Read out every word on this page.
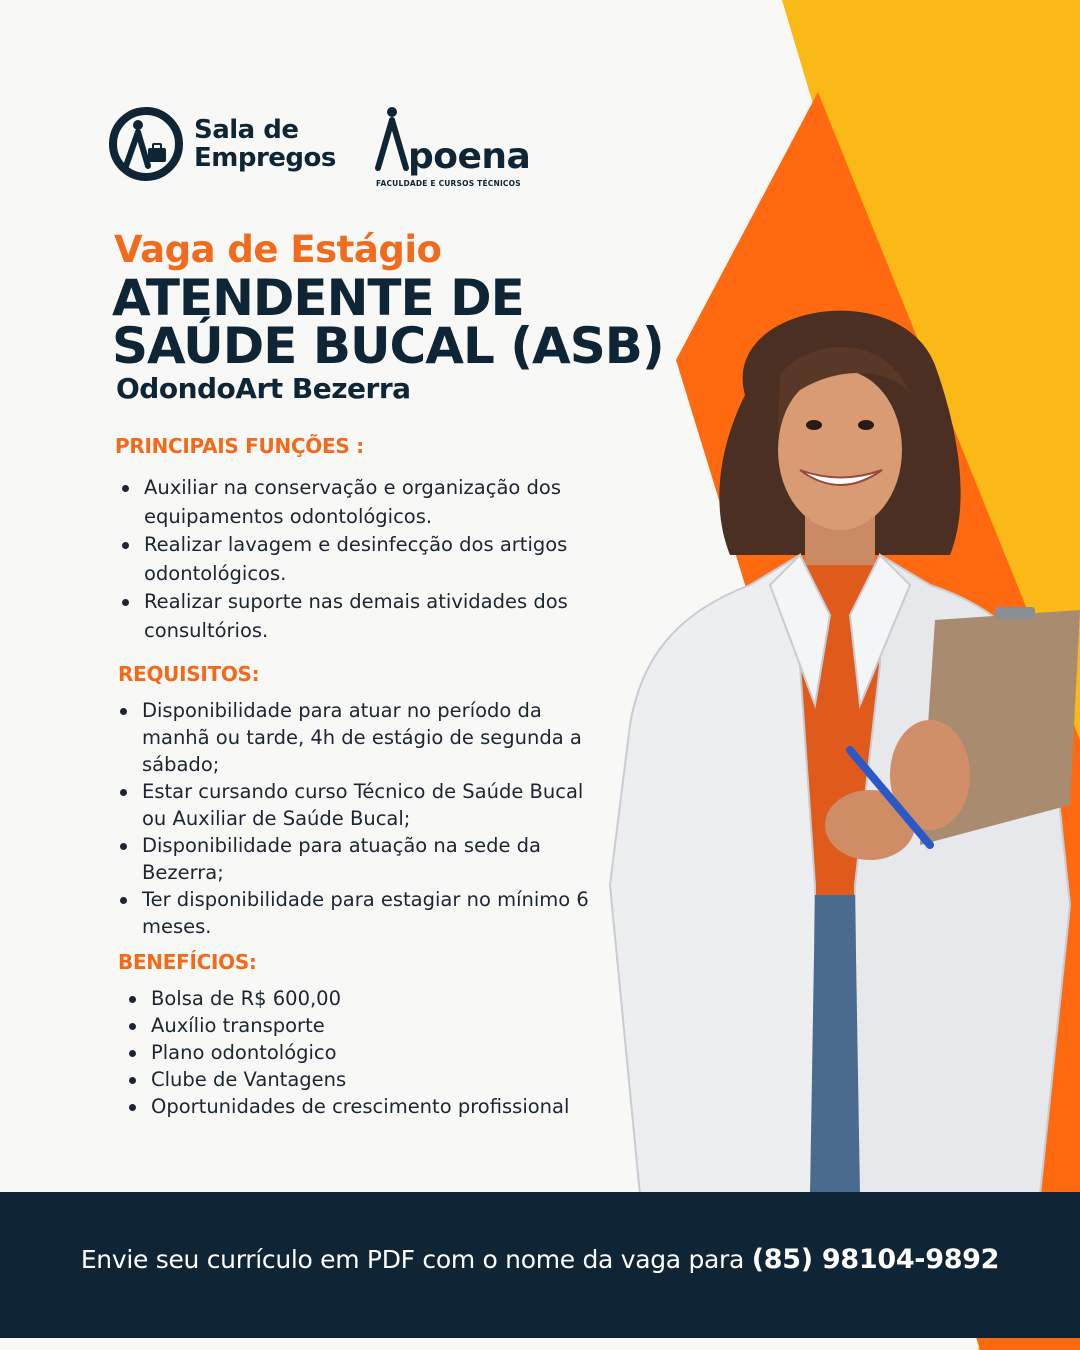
Sala de
Empregos poena
FACULDADE E CURSOS TÉCNICOS
Vaga de Estágio
ATENDENTE DE
SAÚDE BUCAL (ASB)
OdondoArt Bezerra
PRINCIPAIS FUNÇÕES :
Auxiliar na conservação e organização dos equipamentos odontológicos.
Realizar lavagem e desinfecção dos artigos odontológicos.
Realizar suporte nas demais atividades dos consultórios.
REQUISITOS:
Disponibilidade para atuar no período da manhã ou tarde, 4h de estágio de segunda a sábado;
Estar cursando curso Técnico de Saúde Bucal ou Auxiliar de Saúde Bucal;
Disponibilidade para atuação na sede da Bezerra;
Ter disponibilidade para estagiar no mínimo 6 meses.
BENEFÍCIOS:
Bolsa de R$ 600,00
Auxílio transporte
Plano odontológico
Clube de Vantagens
Oportunidades de crescimento profissional
Envie seu currículo em PDF com o nome da vaga para (85) 98104-9892
